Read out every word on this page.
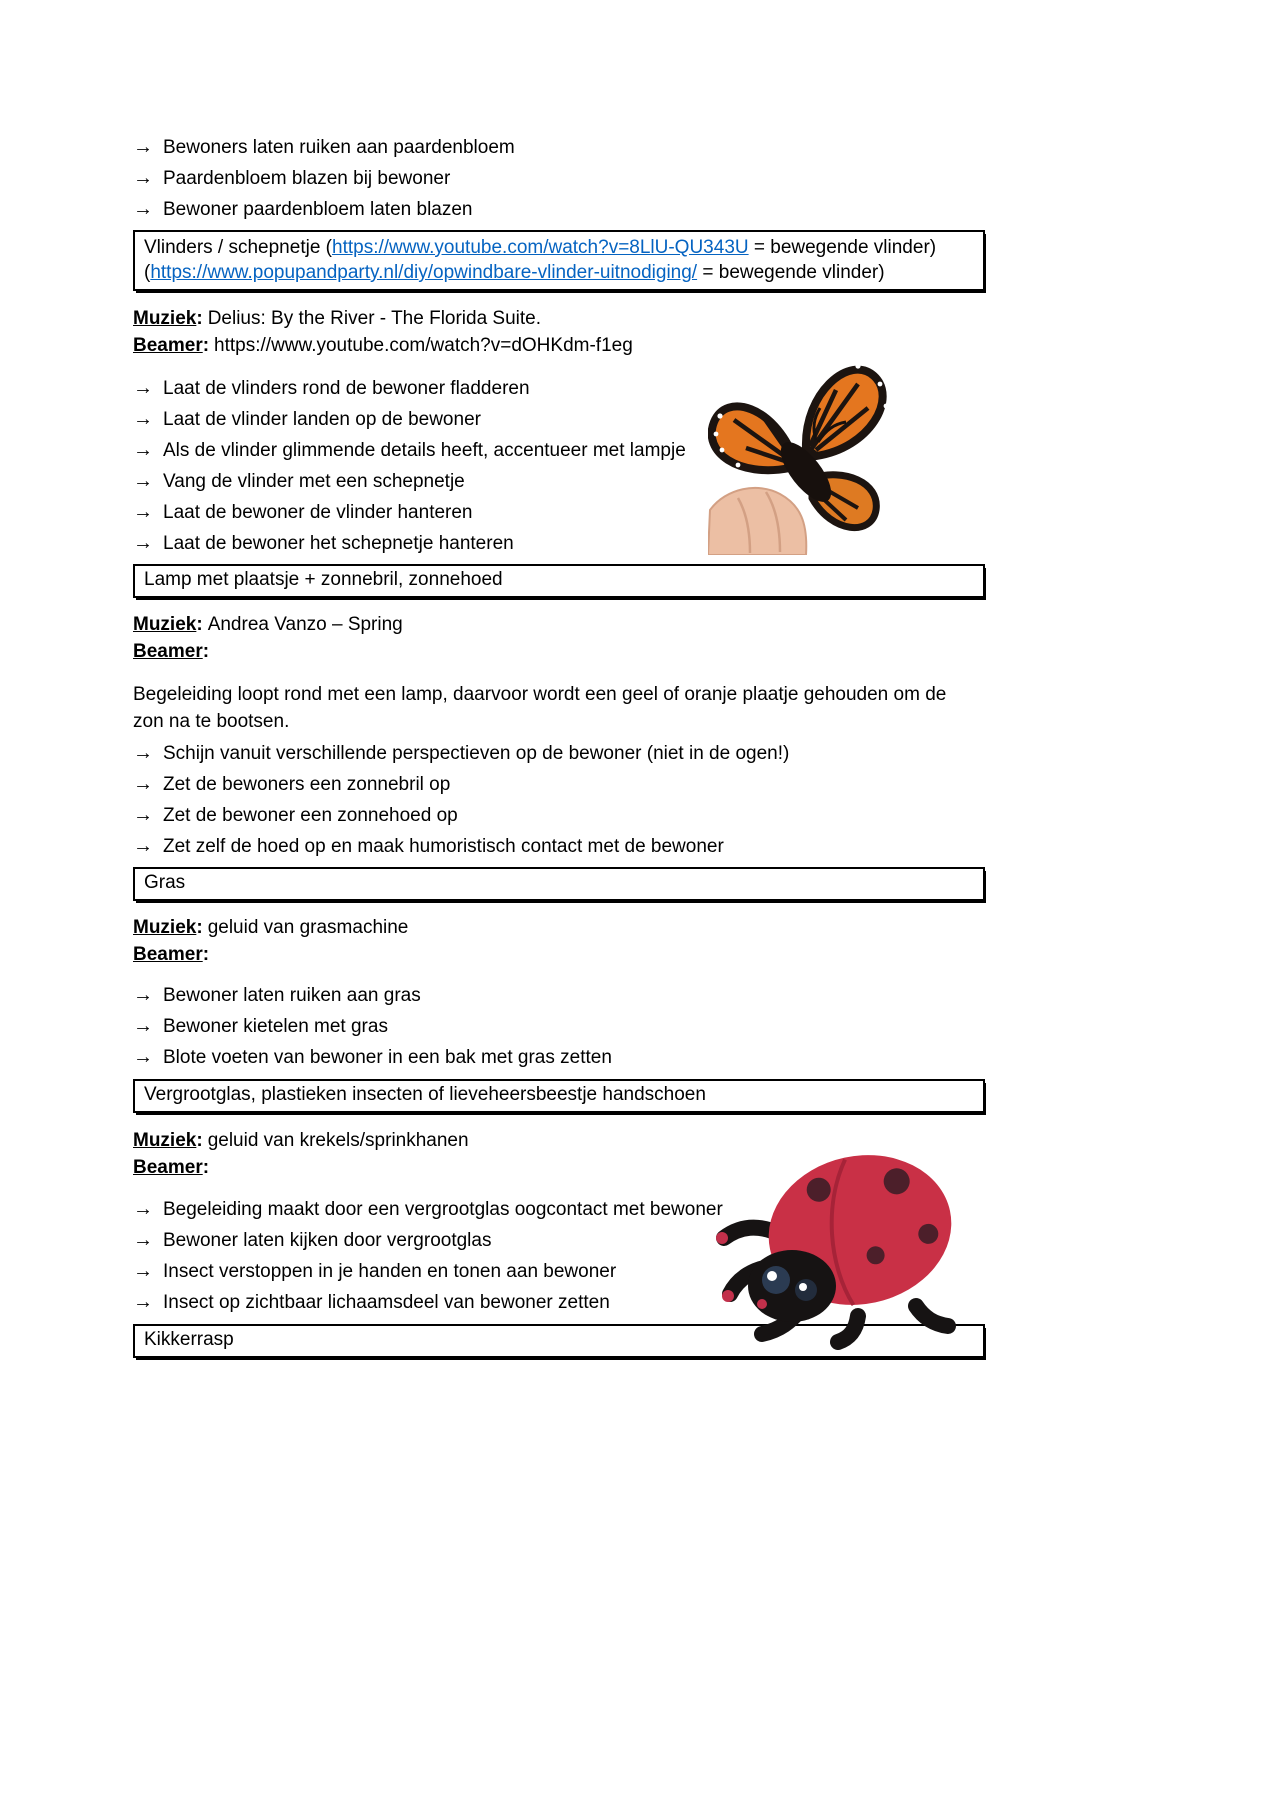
→ Bewoners laten ruiken aan paardenbloem
→ Paardenbloem blazen bij bewoner
→ Bewoner paardenbloem laten blazen
Vlinders / schepnetje (https://www.youtube.com/watch?v=8LlU-QU343U = bewegende vlinder)
(https://www.popupandparty.nl/diy/opwindbare-vlinder-uitnodiging/ = bewegende vlinder)
Muziek: Delius: By the River - The Florida Suite.
Beamer: https://www.youtube.com/watch?v=dOHKdm-f1eg
→ Laat de vlinders rond de bewoner fladderen
→ Laat de vlinder landen op de bewoner
→ Als de vlinder glimmende details heeft, accentueer met lampje
→ Vang de vlinder met een schepnetje
→ Laat de bewoner de vlinder hanteren
→ Laat de bewoner het schepnetje hanteren
Lamp met plaatsje + zonnebril, zonnehoed
Muziek: Andrea Vanzo – Spring
Beamer:

Begeleiding loopt rond met een lamp, daarvoor wordt een geel of oranje plaatje gehouden om de zon na te bootsen.

→ Schijn vanuit verschillende perspectieven op de bewoner (niet in de ogen!)
→ Zet de bewoners een zonnebril op
→ Zet de bewoner een zonnehoed op
→ Zet zelf de hoed op en maak humoristisch contact met de bewoner
Gras
Muziek: geluid van grasmachine
Beamer:
→ Bewoner laten ruiken aan gras
→ Bewoner kietelen met gras
→ Blote voeten van bewoner in een bak met gras zetten
Vergrootglas, plastieken insecten of lieveheersbeestje handschoen
Muziek: geluid van krekels/sprinkhanen
Beamer:
→ Begeleiding maakt door een vergrootglas oogcontact met bewoner
→ Bewoner laten kijken door vergrootglas
→ Insect verstoppen in je handen en tonen aan bewoner
→ Insect op zichtbaar lichaamsdeel van bewoner zetten
Kikkerrasp
